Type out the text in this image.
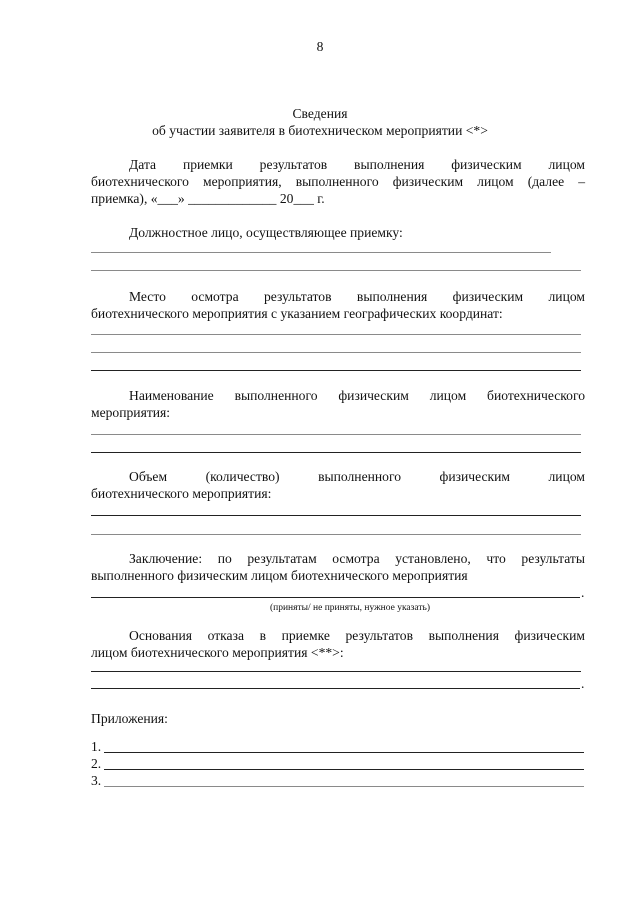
8
Сведения
об участии заявителя в биотехническом мероприятии <*>
Дата приемки результатов выполнения физическим лицом
биотехнического мероприятия, выполненного физическим лицом (далее –
приемка), «___» _____________ 20___ г.
Должностное лицо, осуществляющее приемку:
Место осмотра результатов выполнения физическим лицом
биотехнического мероприятия с указанием географических координат:
Наименование выполненного физическим лицом биотехнического
мероприятия:
Объем (количество) выполненного физическим лицом
биотехнического мероприятия:
Заключение: по результатам осмотра установлено, что результаты
выполненного физическим лицом биотехнического мероприятия
.
(приняты/ не приняты, нужное указать)
Основания отказа в приемке результатов выполнения физическим
лицом биотехнического мероприятия <**>:
.
Приложения:
1.
2.
3.
